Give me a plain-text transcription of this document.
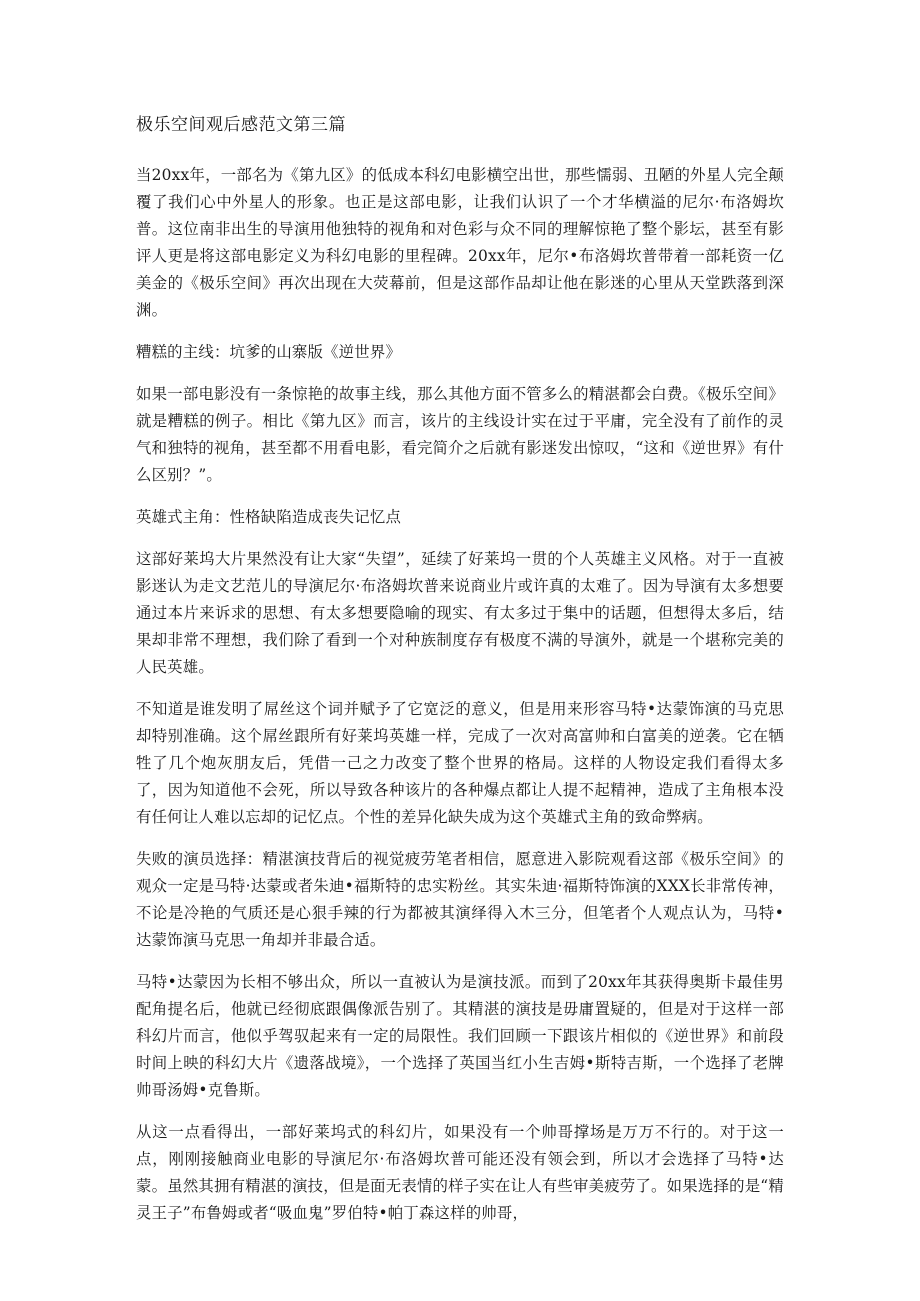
极乐空间观后感范文第三篇

当20xx年，一部名为《第九区》的低成本科幻电影横空出世，那些懦弱、丑陋的外星人完全颠覆了我们心中外星人的形象。也正是这部电影，让我们认识了一个才华横溢的尼尔·布洛姆坎普。这位南非出生的导演用他独特的视角和对色彩与众不同的理解惊艳了整个影坛，甚至有影评人更是将这部电影定义为科幻电影的里程碑。20xx年，尼尔•布洛姆坎普带着一部耗资一亿美金的《极乐空间》再次出现在大荧幕前，但是这部作品却让他在影迷的心里从天堂跌落到深渊。

糟糕的主线：坑爹的山寨版《逆世界》

如果一部电影没有一条惊艳的故事主线，那么其他方面不管多么的精湛都会白费。《极乐空间》就是糟糕的例子。相比《第九区》而言，该片的主线设计实在过于平庸，完全没有了前作的灵气和独特的视角，甚至都不用看电影，看完简介之后就有影迷发出惊叹，“这和《逆世界》有什么区别？”。

英雄式主角：性格缺陷造成丧失记忆点

这部好莱坞大片果然没有让大家“失望”，延续了好莱坞一贯的个人英雄主义风格。对于一直被影迷认为走文艺范儿的导演尼尔·布洛姆坎普来说商业片或许真的太难了。因为导演有太多想要通过本片来诉求的思想、有太多想要隐喻的现实、有太多过于集中的话题，但想得太多后，结果却非常不理想，我们除了看到一个对种族制度存有极度不满的导演外，就是一个堪称完美的人民英雄。

不知道是谁发明了屌丝这个词并赋予了它宽泛的意义，但是用来形容马特•达蒙饰演的马克思却特别准确。这个屌丝跟所有好莱坞英雄一样，完成了一次对高富帅和白富美的逆袭。它在牺牲了几个炮灰朋友后，凭借一己之力改变了整个世界的格局。这样的人物设定我们看得太多了，因为知道他不会死，所以导致各种该片的各种爆点都让人提不起精神，造成了主角根本没有任何让人难以忘却的记忆点。个性的差异化缺失成为这个英雄式主角的致命弊病。

失败的演员选择：精湛演技背后的视觉疲劳笔者相信，愿意进入影院观看这部《极乐空间》的观众一定是马特·达蒙或者朱迪•福斯特的忠实粉丝。其实朱迪·福斯特饰演的XXX长非常传神，不论是冷艳的气质还是心狠手辣的行为都被其演绎得入木三分，但笔者个人观点认为，马特•达蒙饰演马克思一角却并非最合适。

马特•达蒙因为长相不够出众，所以一直被认为是演技派。而到了20xx年其获得奥斯卡最佳男配角提名后，他就已经彻底跟偶像派告别了。其精湛的演技是毋庸置疑的，但是对于这样一部科幻片而言，他似乎驾驭起来有一定的局限性。我们回顾一下跟该片相似的《逆世界》和前段时间上映的科幻大片《遗落战境》，一个选择了英国当红小生吉姆•斯特吉斯，一个选择了老牌帅哥汤姆•克鲁斯。

从这一点看得出，一部好莱坞式的科幻片，如果没有一个帅哥撑场是万万不行的。对于这一点，刚刚接触商业电影的导演尼尔·布洛姆坎普可能还没有领会到，所以才会选择了马特•达蒙。虽然其拥有精湛的演技，但是面无表情的样子实在让人有些审美疲劳了。如果选择的是“精灵王子”布鲁姆或者“吸血鬼”罗伯特•帕丁森这样的帅哥，
